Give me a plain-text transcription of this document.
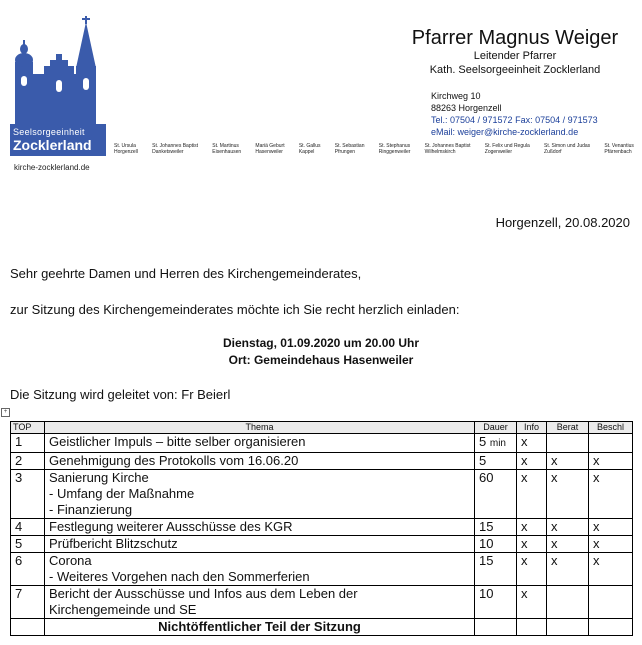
Seelsorgeeinheit
Zocklerland
kirche-zocklerland.de
Pfarrer Magnus Weiger
Leitender Pfarrer
Kath. Seelsorgeeinheit Zocklerland
Kirchweg 10
88263 Horgenzell
Tel.: 07504 / 971572 Fax: 07504 / 971573
eMail: weiger@kirche-zocklerland.de
St. Ursula
Horgenzell
St. Johannes Baptist
Danketsweiler
St. Martinus
Eisenhausen
Mariä Geburt
Hasenweiler
St. Gallus
Kappel
St. Sebastian
Pfrungen
St. Stephanus
Ringgenweiler
St. Johannes Baptist
Wilhelmskirch
St. Felix und Regula
Zogenweiler
St. Simon und Judas
Zußdorf
St. Venantius
Pfärrenbach
Horgenzell, 20.08.2020
Sehr geehrte Damen und Herren des Kirchengemeinderates,
zur Sitzung des Kirchengemeinderates möchte ich Sie recht herzlich einladen:
Dienstag, 01.09.2020 um 20.00 Uhr
Ort: Gemeindehaus Hasenweiler
Die Sitzung wird geleitet von: Fr Beierl
+
TOP	Thema	Dauer	Info	Berat	Beschl
1	Geistlicher Impuls – bitte selber organisieren	5 min	x		
2	Genehmigung des Protokolls vom 16.06.20	5	x	x	x
3	Sanierung Kirche
- Umfang der Maßnahme
- Finanzierung	60	x	x	x
4	Festlegung weiterer Ausschüsse des KGR	15	x	x	x
5	Prüfbericht Blitzschutz	10	x	x	x
6	Corona
- Weiteres Vorgehen nach den Sommerferien	15	x	x	x
7	Bericht der Ausschüsse und Infos aus dem Leben der
Kirchengemeinde und SE	10	x		
	Nichtöffentlicher Teil der Sitzung				
